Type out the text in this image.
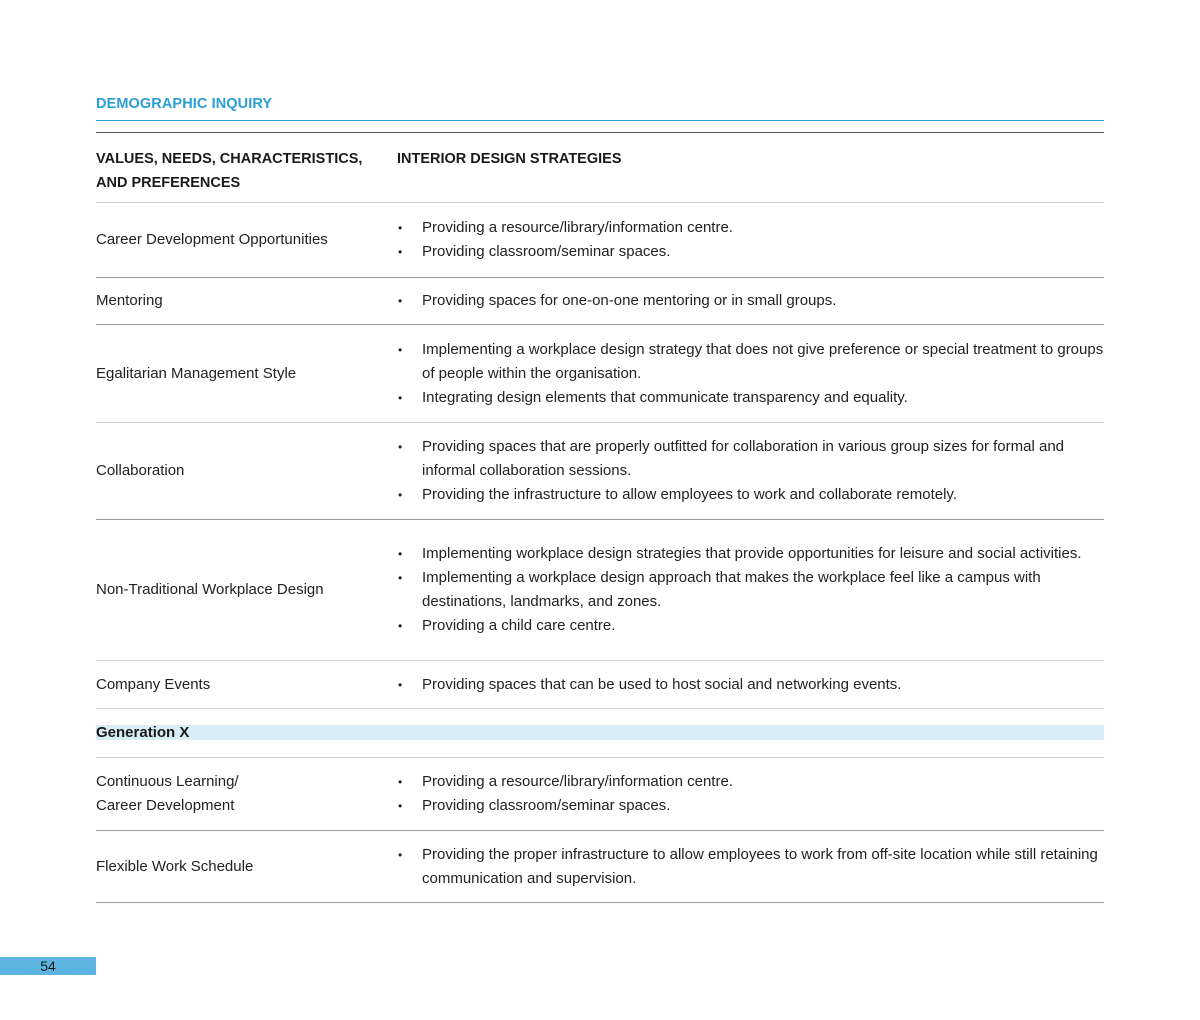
DEMOGRAPHIC INQUIRY
VALUES, NEEDS, CHARACTERISTICS, AND PREFERENCES
INTERIOR DESIGN STRATEGIES
Career Development Opportunities
• Providing a resource/library/information centre.
• Providing classroom/seminar spaces.
Mentoring	• Providing spaces for one-on-one mentoring or in small groups.
Egalitarian Management Style
• Implementing a workplace design strategy that does not give preference or special treatment to groups of people within the organisation.
• Integrating design elements that communicate transparency and equality.
Collaboration
• Providing spaces that are properly outfitted for collaboration in various group sizes for formal and informal collaboration sessions.
• Providing the infrastructure to allow employees to work and collaborate remotely.
Non-Traditional Workplace Design
• Implementing workplace design strategies that provide opportunities for leisure and social activities.
• Implementing a workplace design approach that makes the workplace feel like a campus with destinations, landmarks, and zones.
• Providing a child care centre.
Company Events	• Providing spaces that can be used to host social and networking events.
Generation X
Continuous Learning/
Career Development
• Providing a resource/library/information centre.
• Providing classroom/seminar spaces.
Flexible Work Schedule
• Providing the proper infrastructure to allow employees to work from off-site location while still retaining communication and supervision.
54
